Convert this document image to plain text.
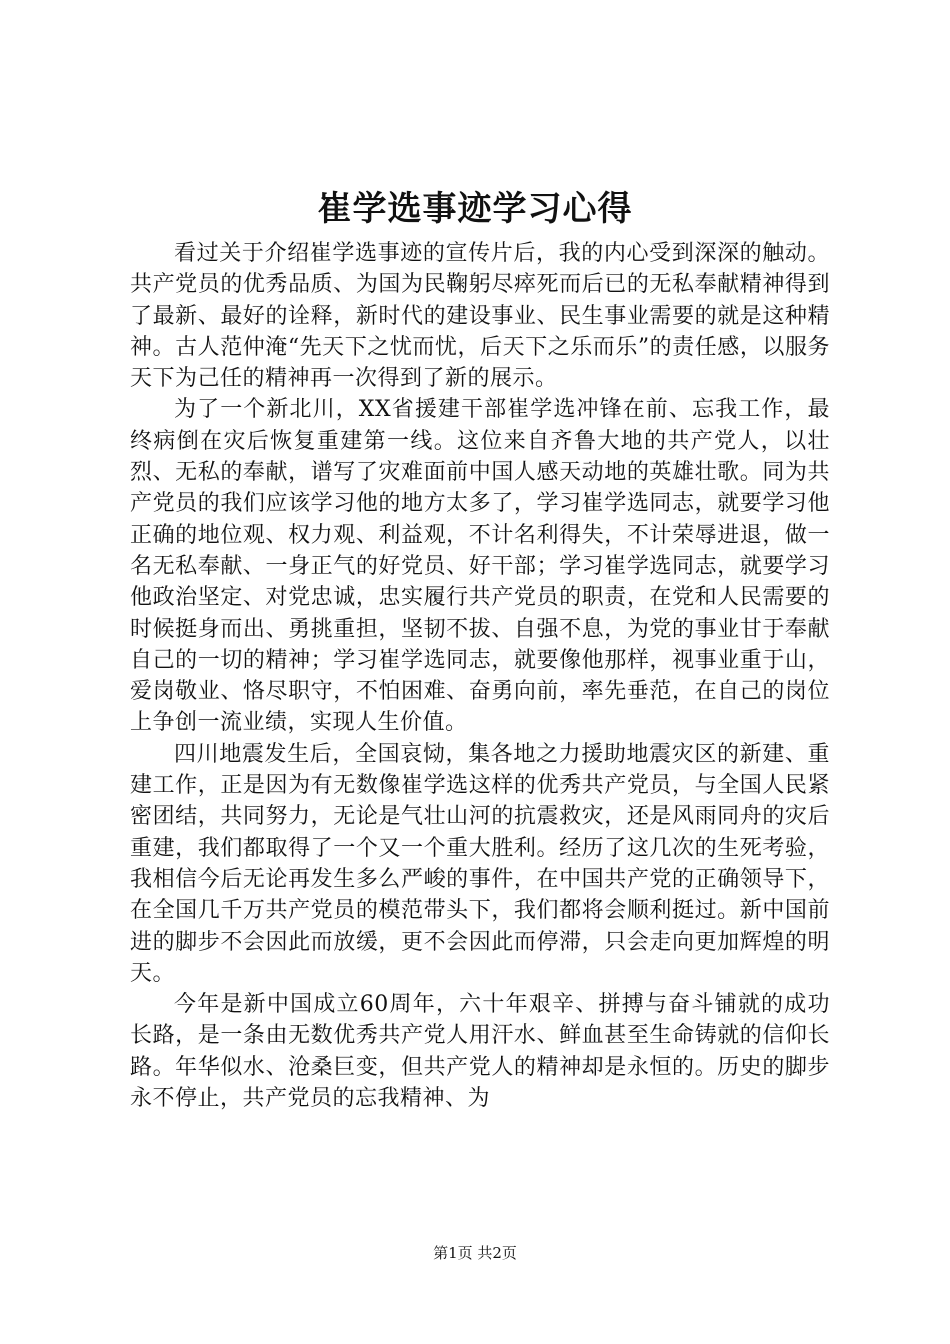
崔学选事迹学习心得

看过关于介绍崔学选事迹的宣传片后，我的内心受到深深的触动。共产党员的优秀品质、为国为民鞠躬尽瘁死而后已的无私奉献精神得到了最新、最好的诠释，新时代的建设事业、民生事业需要的就是这种精神。古人范仲淹“先天下之忧而忧，后天下之乐而乐”的责任感，以服务天下为己任的精神再一次得到了新的展示。

为了一个新北川，XX省援建干部崔学选冲锋在前、忘我工作，最终病倒在灾后恢复重建第一线。这位来自齐鲁大地的共产党人，以壮烈、无私的奉献，谱写了灾难面前中国人感天动地的英雄壮歌。同为共产党员的我们应该学习他的地方太多了，学习崔学选同志，就要学习他正确的地位观、权力观、利益观，不计名利得失，不计荣辱进退，做一名无私奉献、一身正气的好党员、好干部；学习崔学选同志，就要学习他政治坚定、对党忠诚，忠实履行共产党员的职责，在党和人民需要的时候挺身而出、勇挑重担，坚韧不拔、自强不息，为党的事业甘于奉献自己的一切的精神；学习崔学选同志，就要像他那样，视事业重于山，爱岗敬业、恪尽职守，不怕困难、奋勇向前，率先垂范，在自己的岗位上争创一流业绩，实现人生价值。

四川地震发生后，全国哀恸，集各地之力援助地震灾区的新建、重建工作，正是因为有无数像崔学选这样的优秀共产党员，与全国人民紧密团结，共同努力，无论是气壮山河的抗震救灾，还是风雨同舟的灾后重建，我们都取得了一个又一个重大胜利。经历了这几次的生死考验，我相信今后无论再发生多么严峻的事件，在中国共产党的正确领导下，在全国几千万共产党员的模范带头下，我们都将会顺利挺过。新中国前进的脚步不会因此而放缓，更不会因此而停滞，只会走向更加辉煌的明天。

今年是新中国成立60周年，六十年艰辛、拼搏与奋斗铺就的成功长路，是一条由无数优秀共产党人用汗水、鲜血甚至生命铸就的信仰长路。年华似水、沧桑巨变，但共产党人的精神却是永恒的。历史的脚步永不停止，共产党员的忘我精神、为

第1页 共2页
